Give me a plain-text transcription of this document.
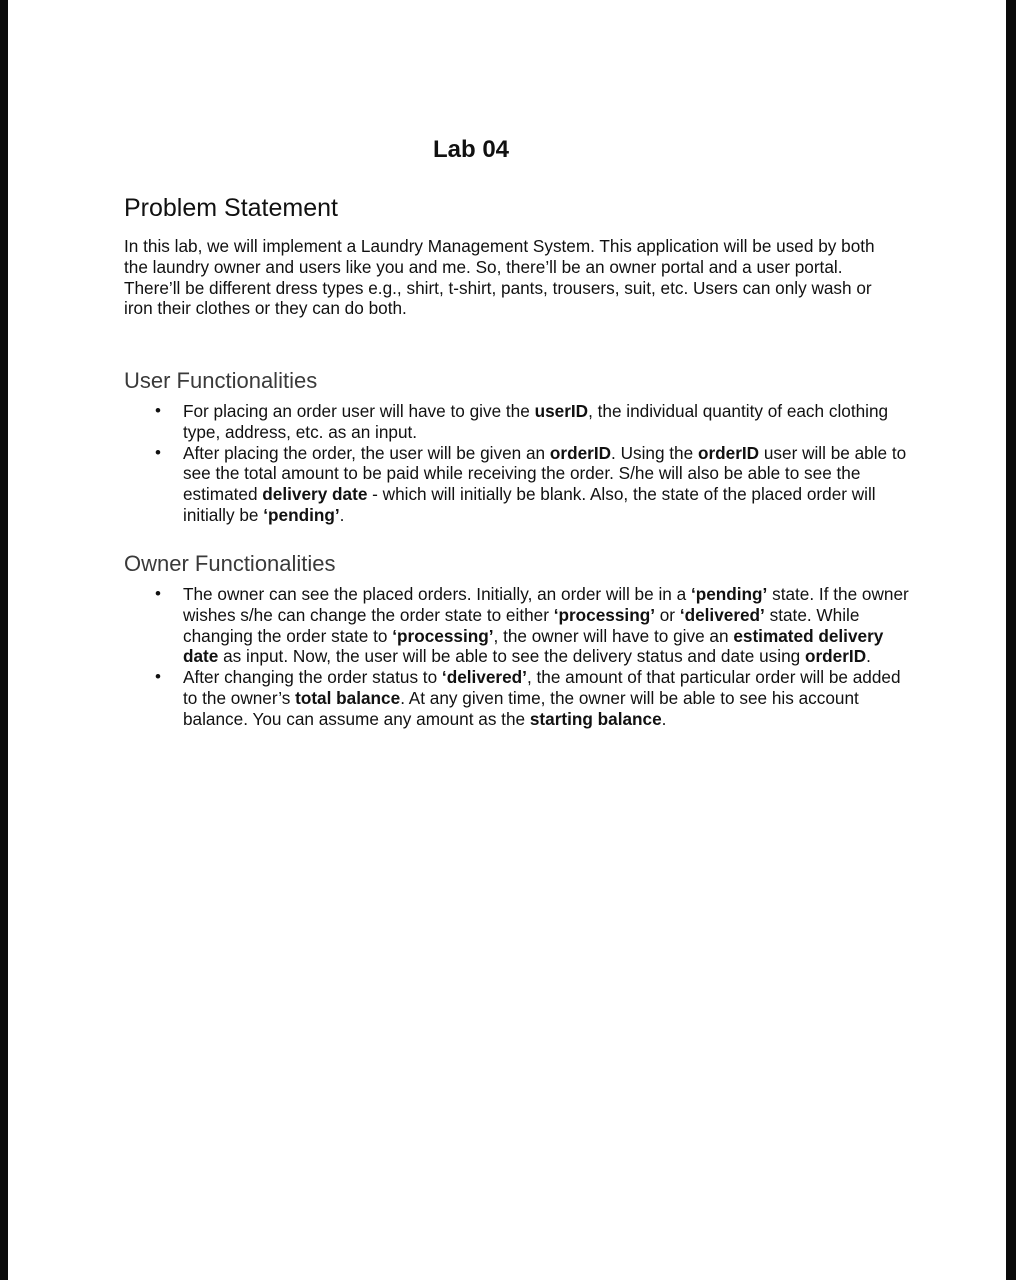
Lab 04
Problem Statement

In this lab, we will implement a Laundry Management System. This application will be used by both the laundry owner and users like you and me. So, there’ll be an owner portal and a user portal. There’ll be different dress types e.g., shirt, t-shirt, pants, trousers, suit, etc. Users can only wash or iron their clothes or they can do both.

User Functionalities
• For placing an order user will have to give the userID, the individual quantity of each clothing type, address, etc. as an input.
• After placing the order, the user will be given an orderID. Using the orderID user will be able to see the total amount to be paid while receiving the order. S/he will also be able to see the estimated delivery date - which will initially be blank. Also, the state of the placed order will initially be ‘pending’.
Owner Functionalities
• The owner can see the placed orders. Initially, an order will be in a ‘pending’ state. If the owner wishes s/he can change the order state to either ‘processing’ or ‘delivered’ state. While changing the order state to ‘processing’, the owner will have to give an estimated delivery date as input. Now, the user will be able to see the delivery status and date using orderID.
• After changing the order status to ‘delivered’, the amount of that particular order will be added to the owner’s total balance. At any given time, the owner will be able to see his account balance. You can assume any amount as the starting balance.
